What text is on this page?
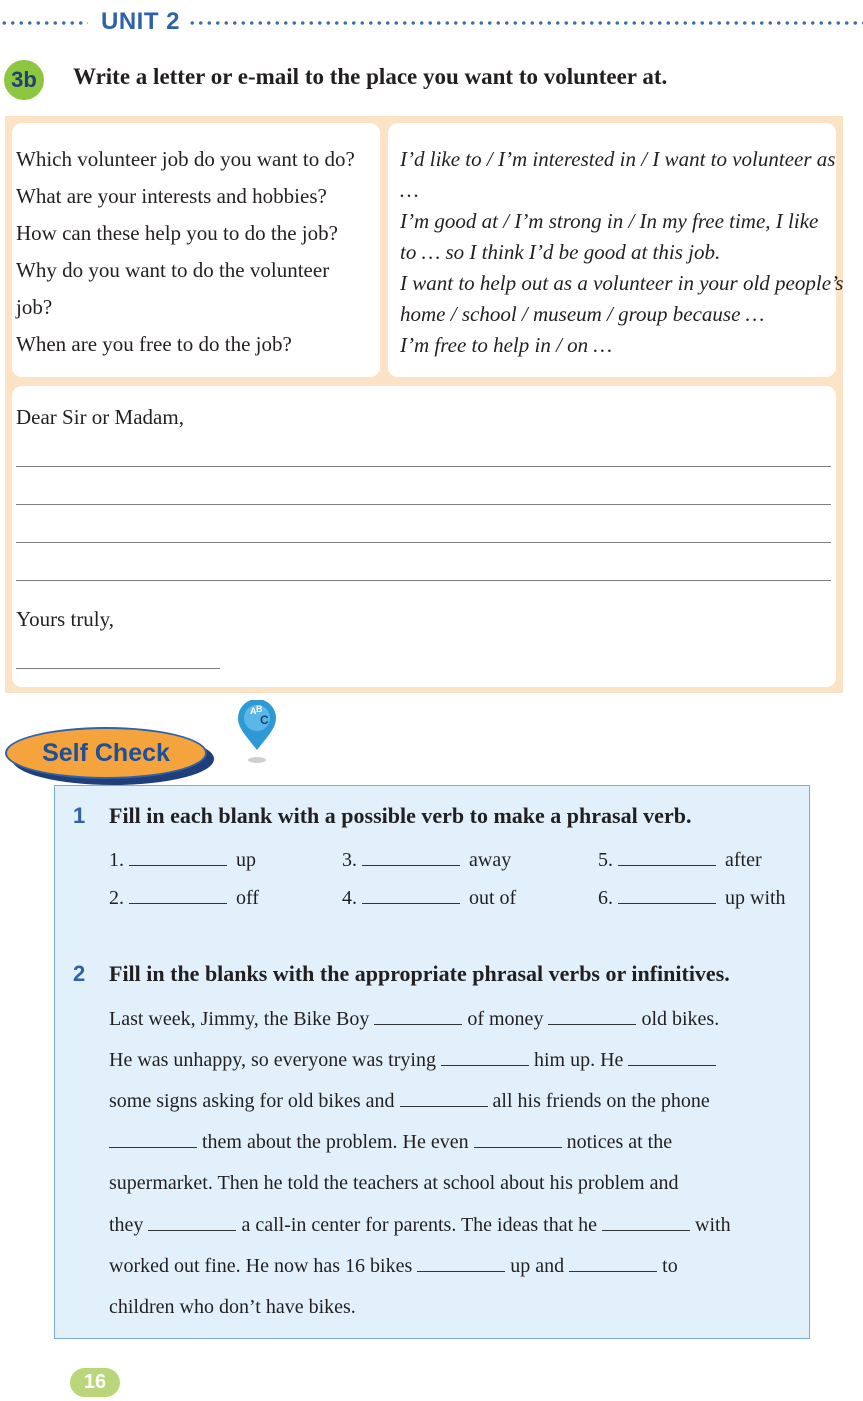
UNIT 2
3b	Write a letter or e-mail to the place you want to volunteer at.
Which volunteer job do you want to do?
What are your interests and hobbies?
How can these help you to do the job?
Why do you want to do the volunteer
job?
When are you free to do the job?
I’d like to / I’m interested in / I want to volunteer as
…
I’m good at / I’m strong in / In my free time, I like
to … so I think I’d be good at this job.
I want to help out as a volunteer in your old people’s
home / school / museum / group because …
I’m free to help in / on …
Dear Sir or Madam,
Yours truly,
Self Check
A B
C
1 Fill in each blank with a possible verb to make a phrasal verb.
1.	up	3.	away	5.	after
2.	off	4.	out of	6.	up with
2 Fill in the blanks with the appropriate phrasal verbs or infinitives.
Last week, Jimmy, the Bike Boy	of money	old bikes.
He was unhappy, so everyone was trying	him up. He
some signs asking for old bikes and	all his friends on the phone
them about the problem. He even	notices at the
supermarket. Then he told the teachers at school about his problem and
they	a call-in center for parents. The ideas that he	with
worked out fine. He now has 16 bikes	up and	to
children who don’t have bikes.
16
